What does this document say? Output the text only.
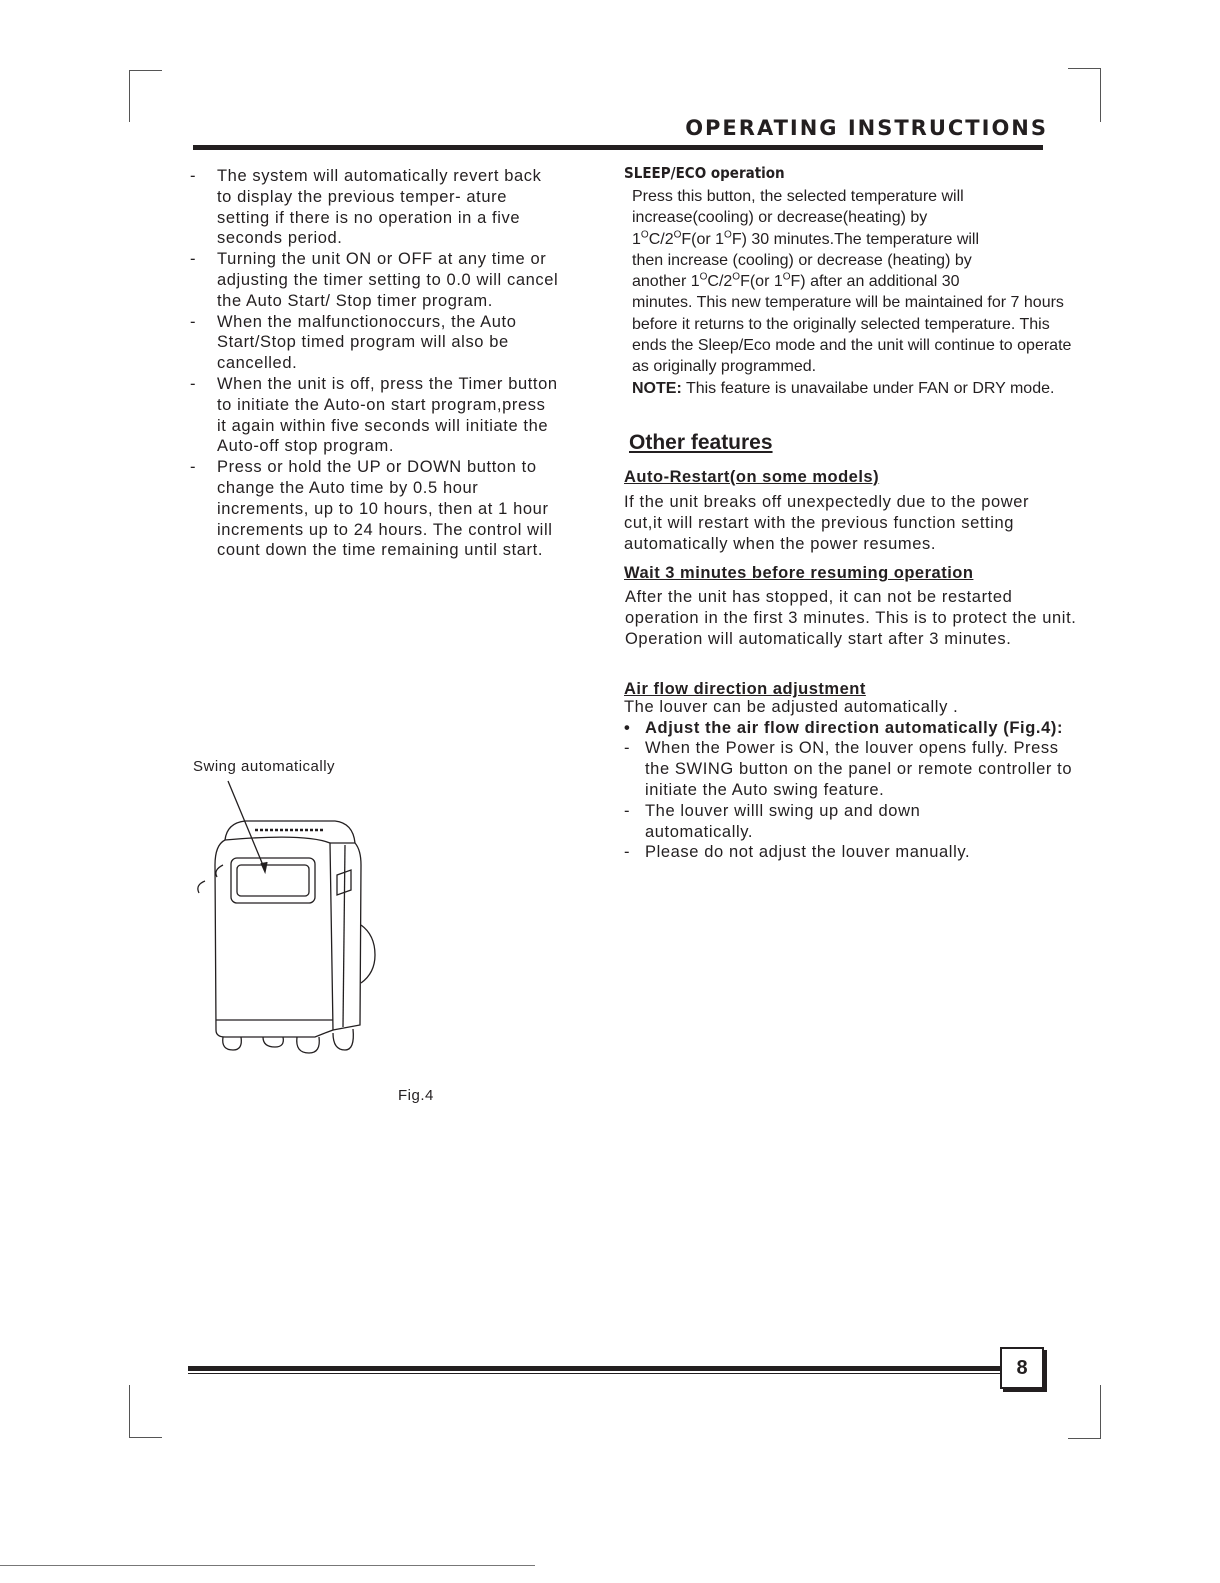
OPERATING INSTRUCTIONS

- The system will automatically revert back to display the previous temper- ature setting if there is no operation in a five seconds period.

- Turning the unit ON or OFF at any time or adjusting the timer setting to 0.0 will cancel the Auto Start/ Stop timer program.

- When the malfunctionoccurs, the Auto Start/Stop timed program will also be cancelled.

- When the unit is off, press the Timer button to initiate the Auto-on start program,press it again within five seconds will initiate the Auto-off stop program.

- Press or hold the UP or DOWN button to change the Auto time by 0.5 hour increments, up to 10 hours, then at 1 hour increments up to 24 hours. The control will count down the time remaining until start.

SLEEP/ECO operation

Press this button, the selected temperature will increase(cooling) or decrease(heating) by
$1^OC/2^OF(or$ $1^OF$) 30 minutes.The temperature will
then increase (cooling) or decrease (heating) by
another $1^OC/2^OF(or$ $1^OF$) after an additional 30
minutes. This new temperature will be maintained for 7 hours before it returns to the originally selected temperature. This ends the Sleep/Eco mode and the unit will continue to operate as originally programmed.
NOTE: This feature is unavailabe under FAN or DRY mode.

Other features

Auto-Restart(on some models)

If the unit breaks off unexpectedly due to the power cut,it will restart with the previous function setting automatically when the power resumes.

Wait 3 minutes before resuming operation

After the unit has stopped, it can not be restarted operation in the first 3 minutes. This is to protect the unit. Operation will automatically start after 3 minutes.

Air flow direction adjustment

The louver can be adjusted automatically .

• Adjust the air flow direction automatically (Fig.4):

- When the Power is ON, the louver opens fully. Press the SWING button on the panel or remote controller to initiate the Auto swing feature.

- The louver willl swing up and down automatically.

- Please do not adjust the louver manually.

Swing automatically
Fig.4
8
